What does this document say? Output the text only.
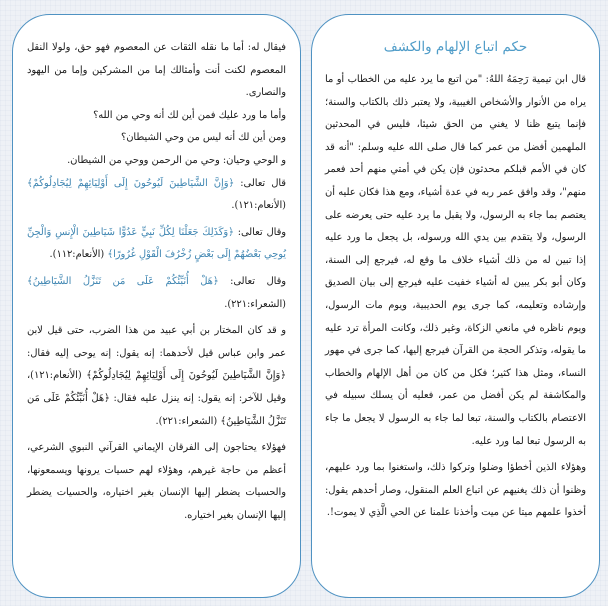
فيقال له: أما ما نقله الثقات عن المعصوم فهو حق، ولولا النقل المعصوم لكنت أنت وأمثالك إما من المشركين وإما من اليهود والنصارى.

وأما ما ورد عليك فمن أين لك أنه وحي من الله؟

ومن أين لك أنه ليس من وحي الشيطان؟

و الوحي وحيان: وحي من الرحمن ووحي من الشيطان.

قال تعالى: ﴿وَإِنَّ الشَّيَاطِينَ لَيُوحُونَ إِلَى أَوْلِيَائِهِمْ لِيُجَادِلُوكُمْ﴾ (الأنعام:١٢١).

وقال تعالى: ﴿وَكَذَلِكَ جَعَلْنَا لِكُلِّ نَبِيٍّ عَدُوًّا شَيَاطِينَ الْإِنسِ وَالْجِنِّ يُوحِي بَعْضُهُمْ إِلَى بَعْضٍ زُخْرُفَ الْقَوْلِ غُرُورًا﴾ (الأنعام:١١٢).

وقال تعالى: ﴿هَلْ أُنَبِّئُكُمْ عَلَى مَن تَنَزَّلُ الشَّيَاطِينُ﴾ (الشعراء:٢٢١).

و قد كان المختار بن أبي عبيد من هذا الضرب، حتى قيل لابن عمر وابن عباس قيل لأحدهما: إنه يقول: إنه يوحى إليه فقال: ﴿وَإِنَّ الشَّيَاطِينَ لَيُوحُونَ إِلَى أَوْلِيَائِهِمْ لِيُجَادِلُوكُمْ﴾ (الأنعام:١٢١)، وقيل للآخر: إنه يقول: إنه ينزل عليه فقال: ﴿هَلْ أُنَبِّئُكُمْ عَلَى مَن تَنَزَّلُ الشَّيَاطِينُ﴾ (الشعراء:٢٢١).

فهؤلاء يحتاجون إلى الفرقان الإيماني القرآني النبوي الشرعي، أعظم من حاجة غيرهم، وهؤلاء لهم حسيات يرونها ويسمعونها، والحسيات يضطر إليها الإنسان بغير اختياره، والحسيات يضطر إليها الإنسان بغير اختياره.

حكم اتباع الإلهام والكشف

قال ابن تيمية رَحِمَهُ اللهُ: "من اتبع ما يرد عليه من الخطاب أو ما يراه من الأنوار والأشخاص الغيبية، ولا يعتبر ذلك بالكتاب والسنة؛ فإنما يتبع ظنا لا يغني من الحق شيئا، فليس في المحدثين الملهمين أفضل من عمر كما قال صلى الله عليه وسلم: "أنه قد كان في الأمم قبلكم محدثون فإن يكن في أمتي منهم أحد فعمر منهم"، وقد وافق عمر ربه في عدة أشياء، ومع هذا فكان عليه أن يعتصم بما جاء به الرسول، ولا يقبل ما يرد عليه حتى يعرضه على الرسول، ولا يتقدم بين يدي الله ورسوله، بل يجعل ما ورد عليه إذا تبين له من ذلك أشياء خلاف ما وقع له، فيرجع إلى السنة، وكان أبو بكر يبين له أشياء خفيت عليه فيرجع إلى بيان الصديق وإرشاده وتعليمه، كما جرى يوم الحديبية، ويوم مات الرسول، ويوم ناظره في مانعي الزكاة، وغير ذلك، وكانت المرأة ترد عليه ما يقوله، وتذكر الحجة من القرآن فيرجع إليها، كما جرى في مهور النساء، ومثل هذا كثير؛ فكل من كان من أهل الإلهام والخطاب والمكاشفة لم يكن أفضل من عمر، فعليه أن يسلك سبيله في الاعتصام بالكتاب والسنة، تبعا لما جاء به الرسول لا يجعل ما جاء به الرسول تبعا لما ورد عليه.

وهؤلاء الذين أخطؤا وضلوا وتركوا ذلك، واستغنوا بما ورد عليهم، وظنوا أن ذلك يغنيهم عن اتباع العلم المنقول، وصار أحدهم يقول: أخذوا علمهم ميتا عن ميت وأخذنا علمنا عن الحي الَّذِي لا يموت!.
